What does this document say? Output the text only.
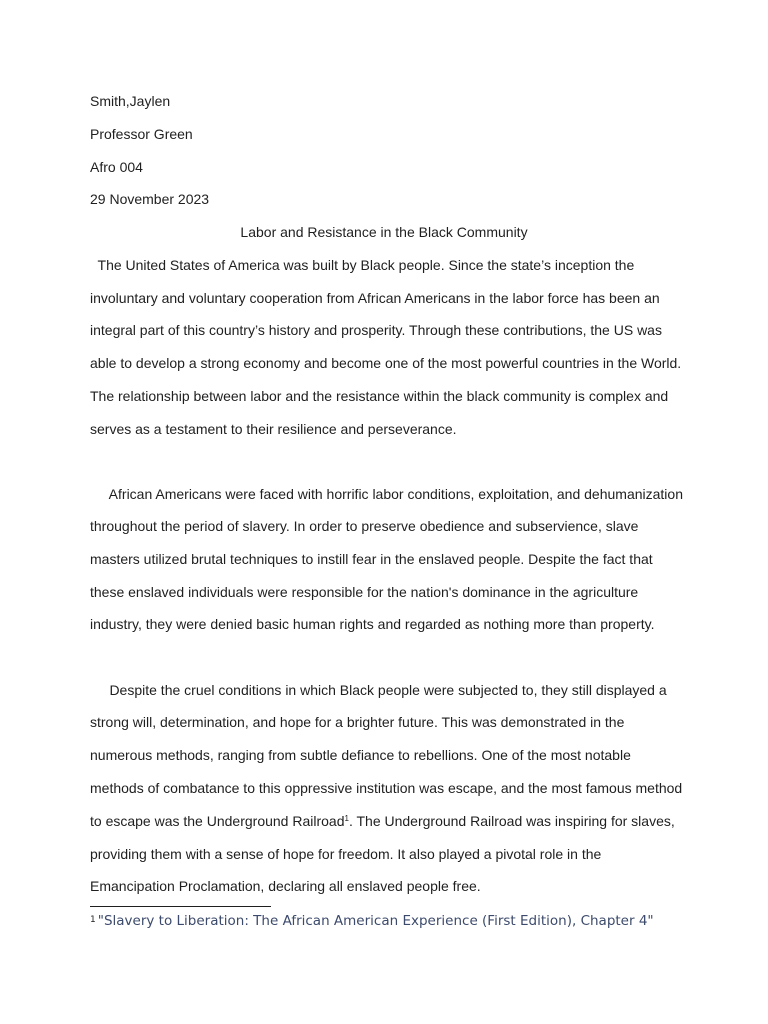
Smith,Jaylen
Professor Green
Afro 004
29 November 2023
Labor and Resistance in the Black Community
The United States of America was built by Black people. Since the state’s inception the
involuntary and voluntary cooperation from African Americans in the labor force has been an
integral part of this country’s history and prosperity. Through these contributions, the US was
able to develop a strong economy and become one of the most powerful countries in the World.
The relationship between labor and the resistance within the black community is complex and
serves as a testament to their resilience and perseverance.
African Americans were faced with horrific labor conditions, exploitation, and dehumanization
throughout the period of slavery. In order to preserve obedience and subservience, slave
masters utilized brutal techniques to instill fear in the enslaved people. Despite the fact that
these enslaved individuals were responsible for the nation's dominance in the agriculture
industry, they were denied basic human rights and regarded as nothing more than property.
Despite the cruel conditions in which Black people were subjected to, they still displayed a
strong will, determination, and hope for a brighter future. This was demonstrated in the
numerous methods, ranging from subtle defiance to rebellions. One of the most notable
methods of combatance to this oppressive institution was escape, and the most famous method
to escape was the Underground Railroad$^1$. The Underground Railroad was inspiring for slaves,
providing them with a sense of hope for freedom. It also played a pivotal role in the
Emancipation Proclamation, declaring all enslaved people free.
$^1$ "Slavery to Liberation: The African American Experience (First Edition), Chapter 4"
